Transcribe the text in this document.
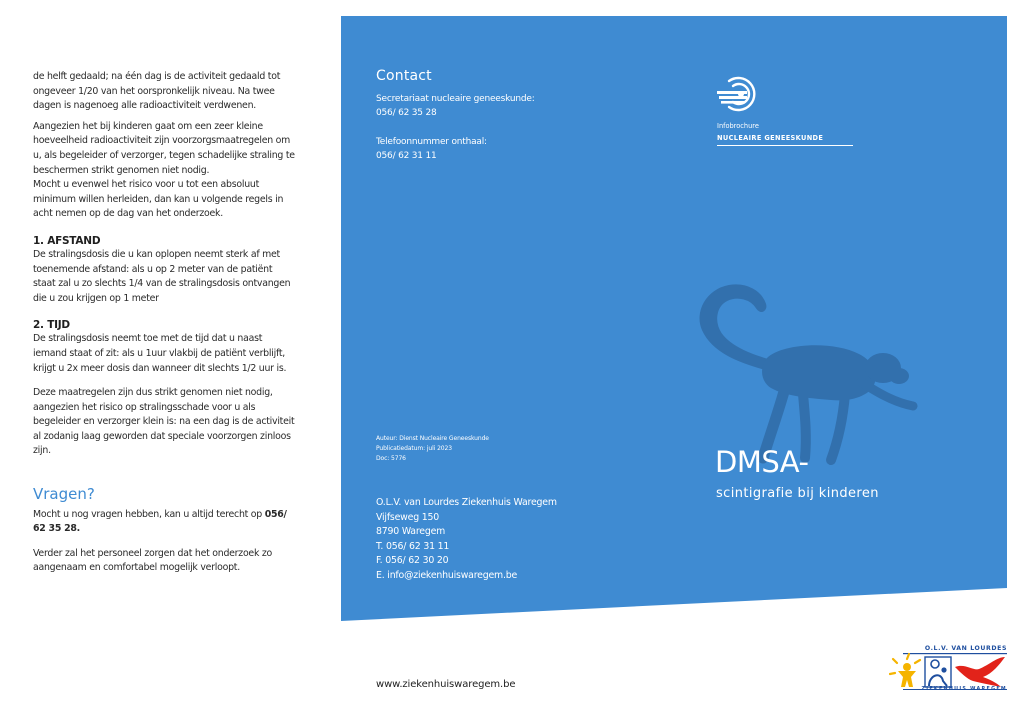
de helft gedaald; na één dag is de activiteit gedaald tot ongeveer 1/20 van het oorspronkelijk niveau. Na twee dagen is nagenoeg alle radioactiviteit verdwenen.

Aangezien het bij kinderen gaat om een zeer kleine hoeveelheid radioactiviteit zijn voorzorgsmaatregelen om u, als begeleider of verzorger, tegen schadelijke straling te beschermen strikt genomen niet nodig.

Mocht u evenwel het risico voor u tot een absoluut minimum willen herleiden, dan kan u volgende regels in acht nemen op de dag van het onderzoek.

1. AFSTAND

De stralingsdosis die u kan oplopen neemt sterk af met toenemende afstand: als u op 2 meter van de patiënt staat zal u zo slechts 1/4 van de stralingsdosis ontvangen die u zou krijgen op 1 meter

2. TIJD

De stralingsdosis neemt toe met de tijd dat u naast iemand staat of zit: als u 1uur vlakbij de patiënt verblijft, krijgt u 2x meer dosis dan wanneer dit slechts 1/2 uur is.

Deze maatregelen zijn dus strikt genomen niet nodig, aangezien het risico op stralingsschade voor u als begeleider en verzorger klein is: na een dag is de activiteit al zodanig laag geworden dat speciale voorzorgen zinloos zijn.

Vragen?

Mocht u nog vragen hebben, kan u altijd terecht op 056/ 62 35 28.

Verder zal het personeel zorgen dat het onderzoek zo aangenaam en comfortabel mogelijk verloopt.

Contact
Secretariaat nucleaire geneeskunde:
056/ 62 35 28
Telefoonnummer onthaal:
056/ 62 31 11
Auteur: Dienst Nucleaire Geneeskunde
Publicatiedatum: juli 2023
Doc: 5776
O.L.V. van Lourdes Ziekenhuis Waregem
Vijfseweg 150
8790 Waregem
T. 056/ 62 31 11
F. 056/ 62 30 20
E. info@ziekenhuiswaregem.be
Infobrochure
NUCLEAIRE GENEESKUNDE
DMSA-
scintigrafie bij kinderen
www.ziekenhuiswaregem.be
O.L.V. VAN LOURDES
ZIEKENHUIS WAREGEM
